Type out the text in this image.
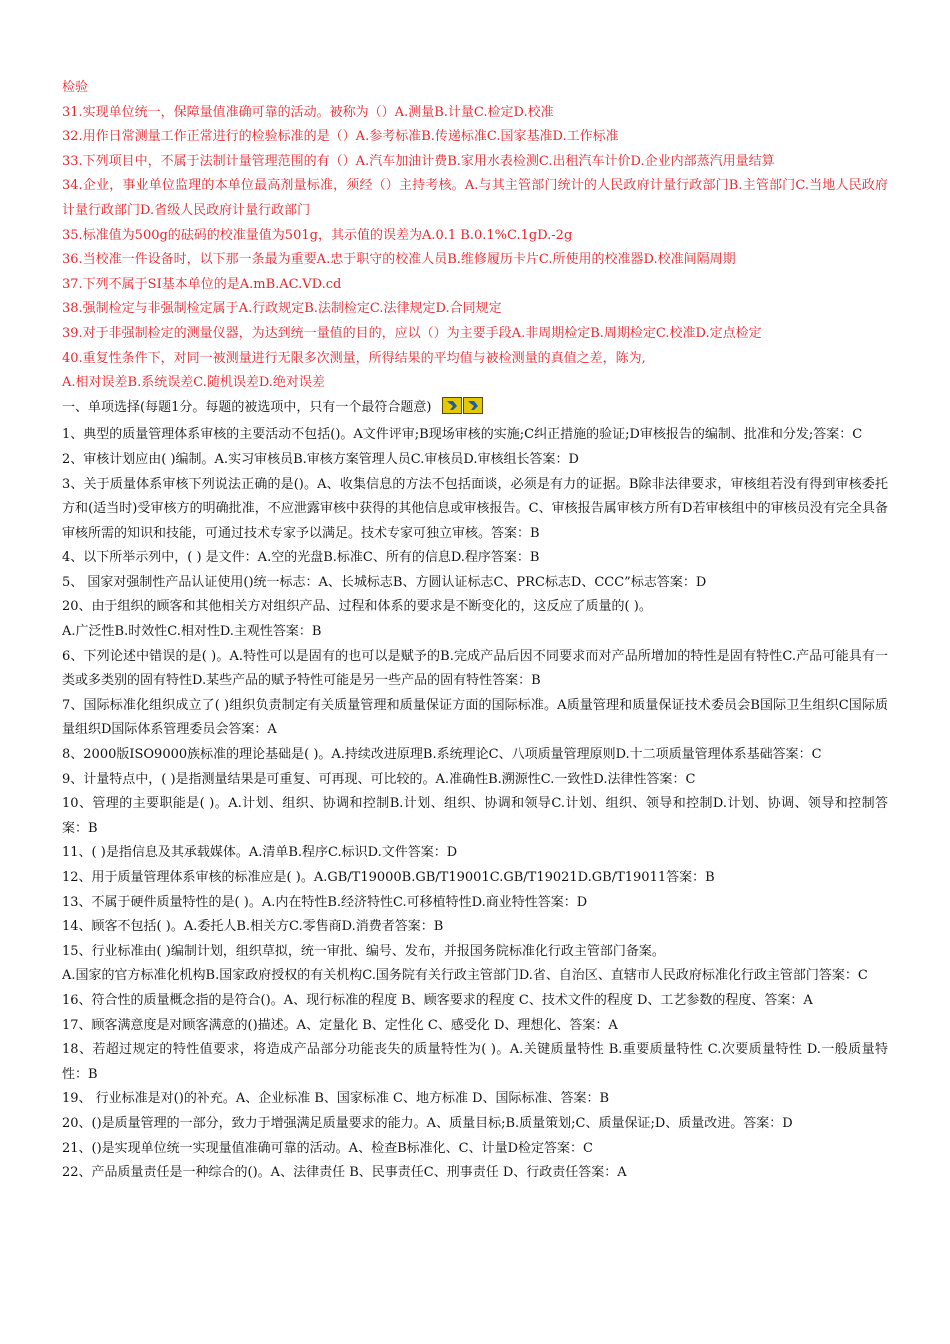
检验
31.实现单位统一，保障量值准确可靠的活动。被称为（）A.测量B.计量C.检定D.校准
32.用作日常测量工作正常进行的检验标准的是（）A.参考标准B.传递标准C.国家基准D.工作标准
33.下列项目中，不属于法制计量管理范围的有（）A.汽车加油计费B.家用水表检测C.出租汽车计价D.企业内部蒸汽用量结算
34.企业，事业单位监理的本单位最高剂量标准，须经（）主持考核。A.与其主管部门统计的人民政府计量行政部门B.主管部门C.当地人民政府计量行政部门D.省级人民政府计量行政部门
35.标准值为500g的砝码的校准量值为501g，其示值的误差为A.0.1 B.0.1%C.1gD.-2g
36.当校准一件设备时，以下那一条最为重要A.忠于职守的校准人员B.维修履历卡片C.所使用的校准器D.校准间隔周期
37.下列不属于SI基本单位的是A.mB.AC.VD.cd
38.强制检定与非强制检定属于A.行政规定B.法制检定C.法律规定D.合同规定
39.对于非强制检定的测量仪器，为达到统一量值的目的，应以（）为主要手段A.非周期检定B.周期检定C.校准D.定点检定
40.重复性条件下，对同一被测量进行无限多次测量，所得结果的平均值与被检测量的真值之差，陈为,
A.相对误差B.系统误差C.随机误差D.绝对误差
一、单项选择(每题1分。每题的被选项中，只有一个最符合题意)
1、典型的质量管理体系审核的主要活动不包括()。A文件评审;B现场审核的实施;C纠正措施的验证;D审核报告的编制、批准和分发;答案：C
2、审核计划应由( )编制。A.实习审核员B.审核方案管理人员C.审核员D.审核组长答案：D
3、关于质量体系审核下列说法正确的是()。A、收集信息的方法不包括面谈，必须是有力的证据。B除非法律要求，审核组若没有得到审核委托方和(适当时)受审核方的明确批准，不应泄露审核中获得的其他信息或审核报告。C、审核报告属审核方所有D若审核组中的审核员没有完全具备审核所需的知识和技能，可通过技术专家予以满足。技术专家可独立审核。答案：B
4、以下所举示列中，( ) 是文件：A.空的光盘B.标准C、所有的信息D.程序答案：B
5、 国家对强制性产品认证使用()统一标志：A、长城标志B、方圆认证标志C、PRC标志D、CCC”标志答案：D
20、由于组织的顾客和其他相关方对组织产品、过程和体系的要求是不断变化的，这反应了质量的( )。
A.广泛性B.时效性C.相对性D.主观性答案：B
6、下列论述中错误的是( )。A.特性可以是固有的也可以是赋予的B.完成产品后因不同要求而对产品所增加的特性是固有特性C.产品可能具有一类或多类别的固有特性D.某些产品的赋予特性可能是另一些产品的固有特性答案：B
7、国际标准化组织成立了( )组织负责制定有关质量管理和质量保证方面的国际标准。A质量管理和质量保证技术委员会B国际卫生组织C国际质量组织D国际体系管理委员会答案：A
8、2000版ISO9000族标准的理论基础是( )。A.持续改进原理B.系统理论C、八项质量管理原则D.十二项质量管理体系基础答案：C
9、计量特点中，( )是指测量结果是可重复、可再现、可比较的。A.准确性B.溯源性C.一致性D.法律性答案：C
10、管理的主要职能是( )。A.计划、组织、协调和控制B.计划、组织、协调和领导C.计划、组织、领导和控制D.计划、协调、领导和控制答案：B
11、( )是指信息及其承载媒体。A.清单B.程序C.标识D.文件答案：D
12、用于质量管理体系审核的标准应是( )。A.GB/T19000B.GB/T19001C.GB/T19021D.GB/T19011答案：B
13、不属于硬件质量特性的是( )。A.内在特性B.经济特性C.可移植特性D.商业特性答案：D
14、顾客不包括( )。A.委托人B.相关方C.零售商D.消费者答案：B
15、行业标准由( )编制计划，组织草拟，统一审批、编号、发布，并报国务院标准化行政主管部门备案。
A.国家的官方标准化机构B.国家政府授权的有关机构C.国务院有关行政主管部门D.省、自治区、直辖市人民政府标准化行政主管部门答案：C
16、符合性的质量概念指的是符合()。A、现行标准的程度 B、顾客要求的程度 C、技术文件的程度 D、工艺参数的程度、答案：A
17、顾客满意度是对顾客满意的()描述。A、定量化 B、定性化 C、感受化 D、理想化、答案：A
18、若超过规定的特性值要求，将造成产品部分功能丧失的质量特性为( )。A.关键质量特性 B.重要质量特性 C.次要质量特性 D.一般质量特性：B
19、 行业标准是对()的补充。A、企业标准 B、国家标准 C、地方标准 D、国际标准、答案：B
20、()是质量管理的一部分，致力于增强满足质量要求的能力。A、质量目标;B.质量策划;C、质量保证;D、质量改进。答案：D
21、()是实现单位统一实现量值准确可靠的活动。A、检查B标准化、C、计量D检定答案：C
22、产品质量责任是一种综合的()。A、法律责任 B、民事责任C、刑事责任 D、行政责任答案：A
